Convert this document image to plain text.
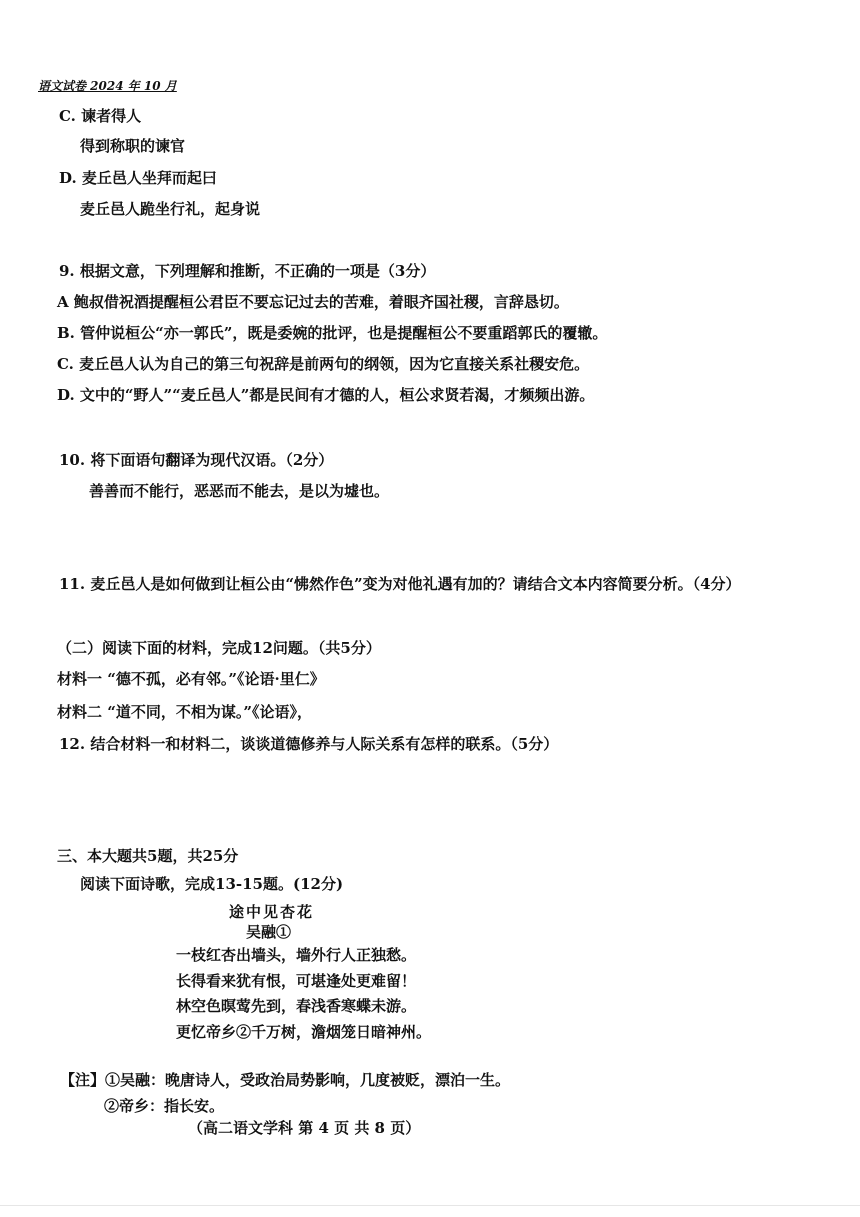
语文试卷 2024 年 10 月
C. 谏者得人
得到称职的谏官
D. 麦丘邑人坐拜而起曰
麦丘邑人跪坐行礼，起身说
9. 根据文意，下列理解和推断，不正确的一项是（3分）
A 鲍叔借祝酒提醒桓公君臣不要忘记过去的苦难，着眼齐国社稷，言辞恳切。
B. 管仲说桓公“亦一郭氏”，既是委婉的批评，也是提醒桓公不要重蹈郭氏的覆辙。
C. 麦丘邑人认为自己的第三句祝辞是前两句的纲领，因为它直接关系社稷安危。
D. 文中的“野人”“麦丘邑人”都是民间有才德的人，桓公求贤若渴，才频频出游。
10. 将下面语句翻译为现代汉语。（2分）
善善而不能行，恶恶而不能去，是以为墟也。
11. 麦丘邑人是如何做到让桓公由“怫然作色”变为对他礼遇有加的？请结合文本内容简要分析。（4分）
（二）阅读下面的材料，完成12问题。（共5分）
材料一 “德不孤，必有邻。”《论语·里仁》
材料二 “道不同，不相为谋。”《论语》，
12. 结合材料一和材料二，谈谈道德修养与人际关系有怎样的联系。（5分）
三、本大题共5题，共25分
阅读下面诗歌，完成13-15题。(12分)
途中见杏花
吴融①
一枝红杏出墙头，墙外行人正独愁。
长得看来犹有恨，可堪逢处更难留！
林空色暝莺先到，春浅香寒蝶未游。
更忆帝乡②千万树，澹烟笼日暗神州。
【注】①吴融：晚唐诗人，受政治局势影响，几度被贬，漂泊一生。
②帝乡：指长安。
（高二语文学科 第 4 页 共 8 页）
